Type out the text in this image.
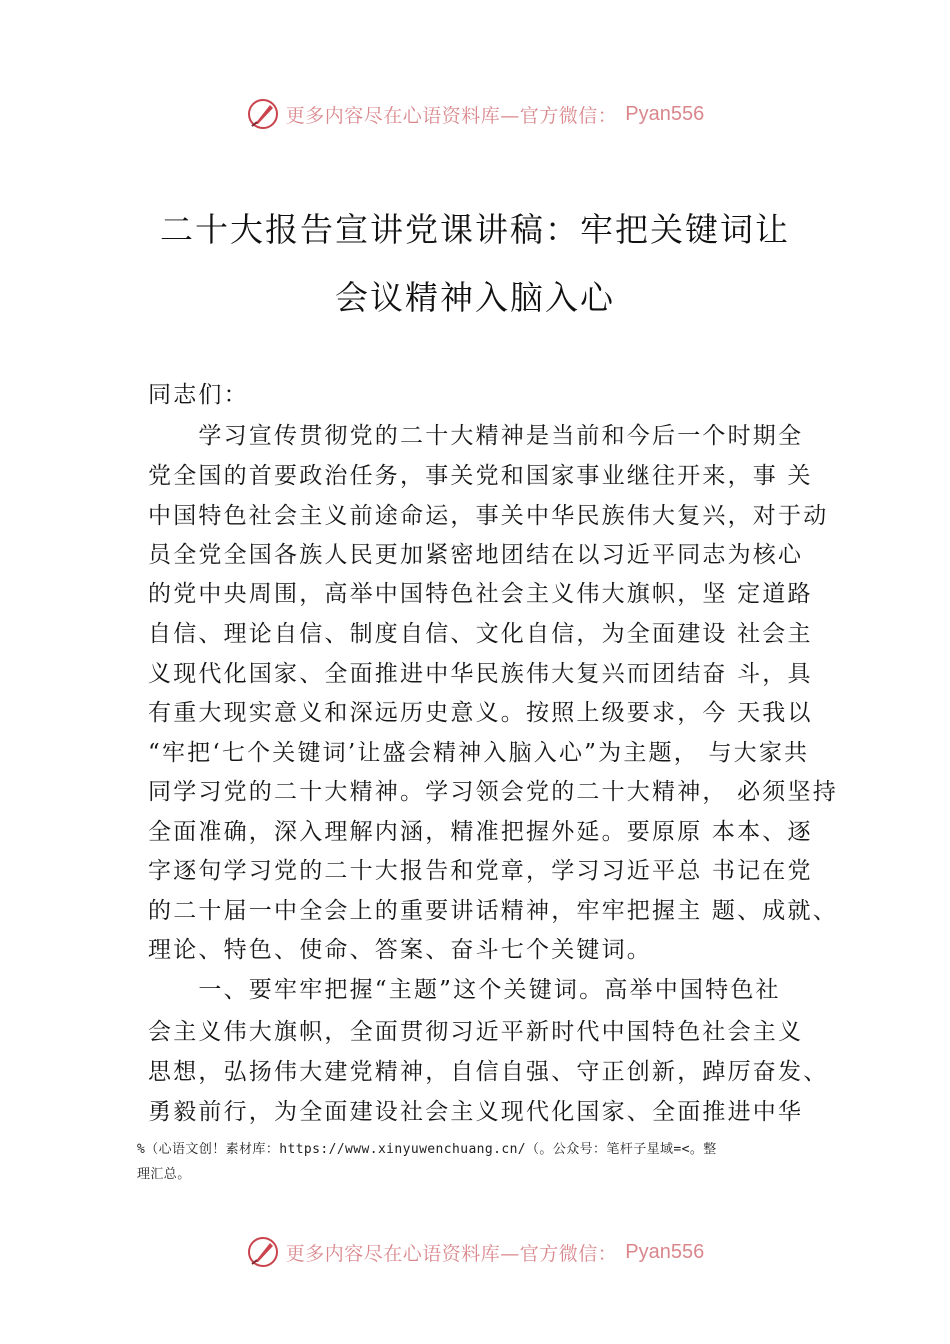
更多内容尽在心语资料库—官方微信： Pyan556
二十大报告宣讲党课讲稿：牢把关键词让
会议精神入脑入心
同志们：
　　学习宣传贯彻党的二十大精神是当前和今后一个时期全
党全国的首要政治任务，事关党和国家事业继往开来，事 关
中国特色社会主义前途命运，事关中华民族伟大复兴，对于动
员全党全国各族人民更加紧密地团结在以习近平同志为核心
的党中央周围，高举中国特色社会主义伟大旗帜，坚 定道路
自信、理论自信、制度自信、文化自信，为全面建设 社会主
义现代化国家、全面推进中华民族伟大复兴而团结奋 斗，具
有重大现实意义和深远历史意义。按照上级要求，今 天我以
“牢把‘七个关键词’让盛会精神入脑入心”为主题， 与大家共
同学习党的二十大精神。学习领会党的二十大精神， 必须坚持
全面准确，深入理解内涵，精准把握外延。要原原 本本、逐
字逐句学习党的二十大报告和党章，学习习近平总 书记在党
的二十届一中全会上的重要讲话精神，牢牢把握主 题、成就、
理论、特色、使命、答案、奋斗七个关键词。
　　一、要牢牢把握“主题”这个关键词。高举中国特色社
会主义伟大旗帜，全面贯彻习近平新时代中国特色社会主义
思想，弘扬伟大建党精神，自信自强、守正创新，踔厉奋发、
勇毅前行，为全面建设社会主义现代化国家、全面推进中华
%（心语文创！素材库：https://www.xinyuwenchuang.cn/（。公众号：笔杆子星域=<。整
理汇总。
更多内容尽在心语资料库—官方微信： Pyan556
